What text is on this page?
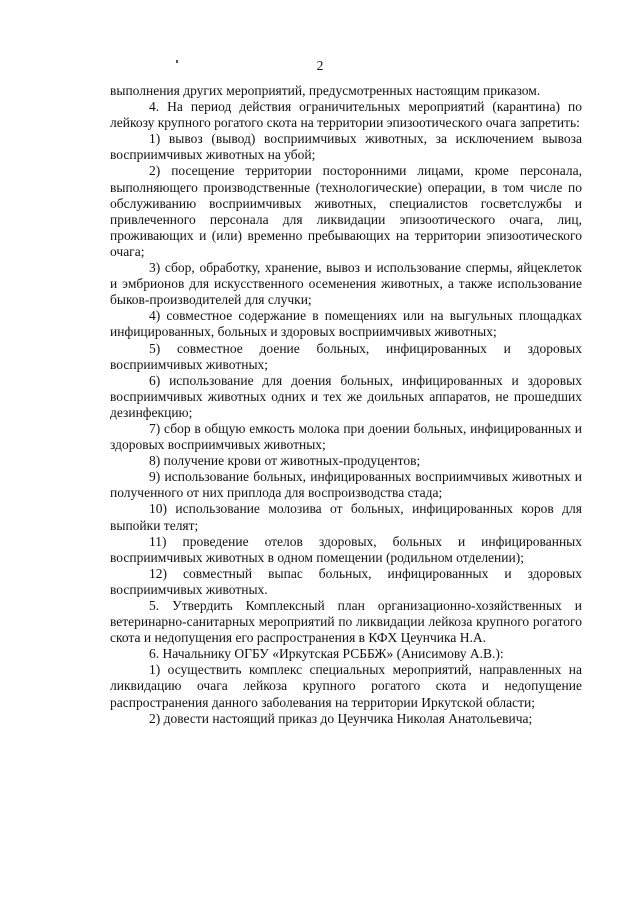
2

выполнения других мероприятий, предусмотренных настоящим приказом.

4. На период действия ограничительных мероприятий (карантина) по лейкозу крупного рогатого скота на территории эпизоотического очага запретить:

1) вывоз (вывод) восприимчивых животных, за исключением вывоза восприимчивых животных на убой;

2) посещение территории посторонними лицами, кроме персонала, выполняющего производственные (технологические) операции, в том числе по обслуживанию восприимчивых животных, специалистов госветслужбы и привлеченного персонала для ликвидации эпизоотического очага, лиц, проживающих и (или) временно пребывающих на территории эпизоотического очага;

3) сбор, обработку, хранение, вывоз и использование спермы, яйцеклеток и эмбрионов для искусственного осеменения животных, а также использование быков-производителей для случки;

4) совместное содержание в помещениях или на выгульных площадках инфицированных, больных и здоровых восприимчивых животных;

5) совместное доение больных, инфицированных и здоровых восприимчивых животных;

6) использование для доения больных, инфицированных и здоровых восприимчивых животных одних и тех же доильных аппаратов, не прошедших дезинфекцию;

7) сбор в общую емкость молока при доении больных, инфицированных и здоровых восприимчивых животных;

8) получение крови от животных-продуцентов;

9) использование больных, инфицированных восприимчивых животных и полученного от них приплода для воспроизводства стада;

10) использование молозива от больных, инфицированных коров для выпойки телят;

11) проведение отелов здоровых, больных и инфицированных восприимчивых животных в одном помещении (родильном отделении);

12) совместный выпас больных, инфицированных и здоровых восприимчивых животных.

5. Утвердить Комплексный план организационно-хозяйственных и ветеринарно-санитарных мероприятий по ликвидации лейкоза крупного рогатого скота и недопущения его распространения в КФХ Цеунчика Н.А.

6. Начальнику ОГБУ «Иркутская РСББЖ» (Анисимову А.В.):

1) осуществить комплекс специальных мероприятий, направленных на ликвидацию очага лейкоза крупного рогатого скота и недопущение распространения данного заболевания на территории Иркутской области;

2) довести настоящий приказ до Цеунчика Николая Анатольевича;
